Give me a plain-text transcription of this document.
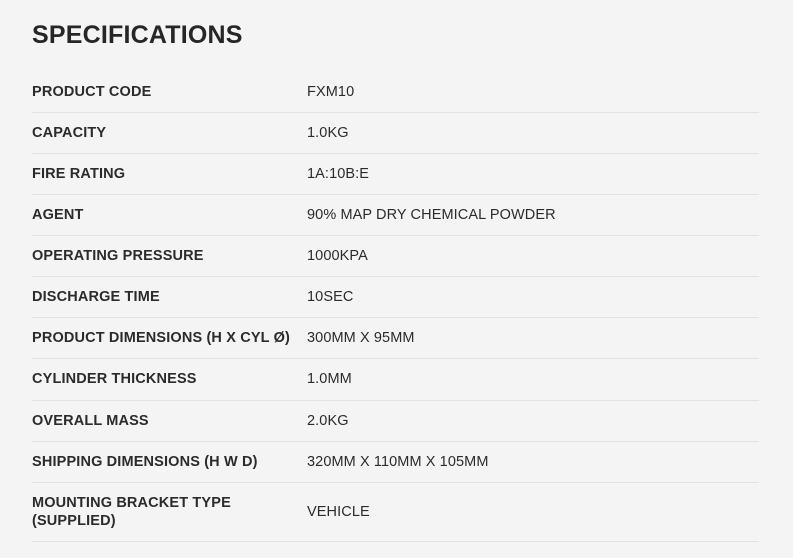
SPECIFICATIONS
PRODUCT CODE	FXM10
CAPACITY	1.0KG
FIRE RATING	1A:10B:E
AGENT	90% MAP DRY CHEMICAL POWDER
OPERATING PRESSURE	1000KPA
DISCHARGE TIME	10SEC
PRODUCT DIMENSIONS (H X CYL Ø)	300MM X 95MM
CYLINDER THICKNESS	1.0MM
OVERALL MASS	2.0KG
SHIPPING DIMENSIONS (H W D)	320MM X 110MM X 105MM
MOUNTING BRACKET TYPE (SUPPLIED)	VEHICLE
